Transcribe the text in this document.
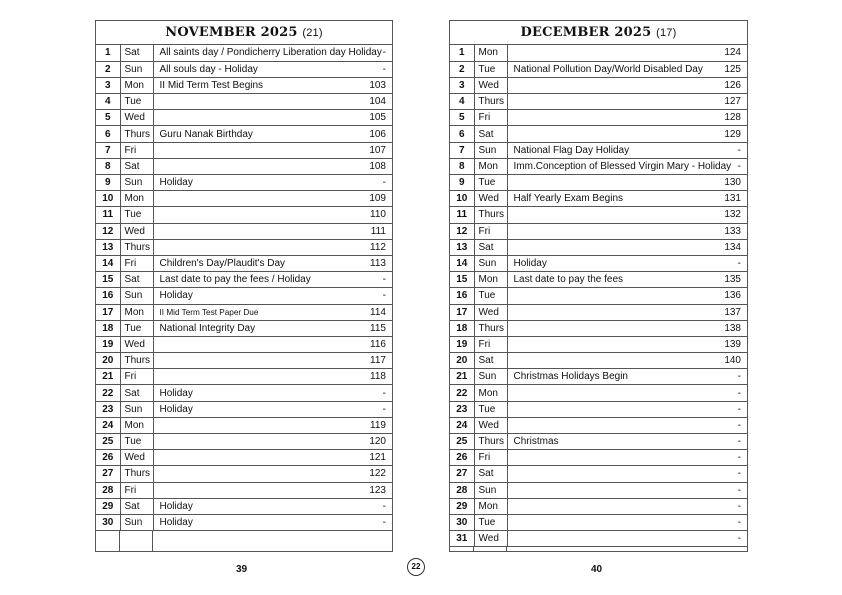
NOVEMBER 2025 (21)
1	Sat	All saints day / Pondicherry Liberation day Holiday	-
2	Sun	All souls day - Holiday	-
3	Mon	II Mid Term Test Begins	103
4	Tue		104
5	Wed		105
6	Thurs	Guru Nanak Birthday	106
7	Fri		107
8	Sat		108
9	Sun	Holiday	-
10	Mon		109
11	Tue		110
12	Wed		111
13	Thurs		112
14	Fri	Children's Day/Plaudit's Day	113
15	Sat	Last date to pay the fees / Holiday	-
16	Sun	Holiday	-
17	Mon	II Mid Term Test Paper Due	114
18	Tue	National Integrity Day	115
19	Wed		116
20	Thurs		117
21	Fri		118
22	Sat	Holiday	-
23	Sun	Holiday	-
24	Mon		119
25	Tue		120
26	Wed		121
27	Thurs		122
28	Fri		123
29	Sat	Holiday	-
30	Sun	Holiday	-
DECEMBER 2025 (17)
1	Mon		124
2	Tue	National Pollution Day/World Disabled Day	125
3	Wed		126
4	Thurs		127
5	Fri		128
6	Sat		129
7	Sun	National Flag Day Holiday	-
8	Mon	Imm.Conception of Blessed Virgin Mary - Holiday	-
9	Tue		130
10	Wed	Half Yearly Exam Begins	131
11	Thurs		132
12	Fri		133
13	Sat		134
14	Sun	Holiday	-
15	Mon	Last date to pay the fees	135
16	Tue		136
17	Wed		137
18	Thurs		138
19	Fri		139
20	Sat		140
21	Sun	Christmas Holidays Begin	-
22	Mon		-
23	Tue		-
24	Wed		-
25	Thurs	Christmas	-
26	Fri		-
27	Sat		-
28	Sun		-
29	Mon		-
30	Tue		-
31	Wed		-
39	22	40
